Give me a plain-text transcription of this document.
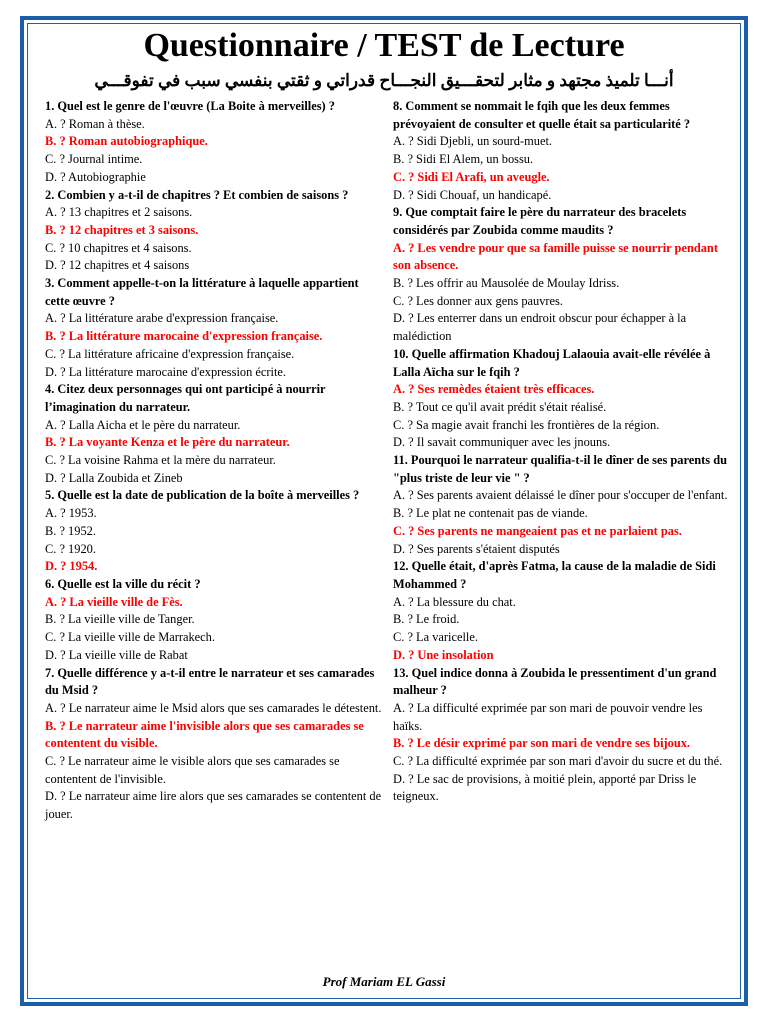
Questionnaire / TEST de Lecture
أنـــا تلميذ مجتهد و مثابر لتحقـــيق النجـــاح قدراتي و ثقتي بنفسي سبب في تفوقـــي
1. Quel est le genre de l'œuvre (La Boite à merveilles) ?
A. ? Roman à thèse.
B. ? Roman autobiographique.
C. ? Journal intime.
D. ? Autobiographie
2. Combien y a-t-il de chapitres ? Et combien de saisons ?
A. ? 13 chapitres et 2 saisons.
B. ? 12 chapitres et 3 saisons.
C. ? 10 chapitres et 4 saisons.
D. ? 12 chapitres et 4 saisons
3. Comment appelle-t-on la littérature à laquelle appartient cette œuvre ?
A. ? La littérature arabe d'expression française.
B. ? La littérature marocaine d'expression française.
C. ? La littérature africaine d'expression française.
D. ? La littérature marocaine d'expression écrite.
4. Citez deux personnages qui ont participé à nourrir l’imagination du narrateur.
A. ? Lalla Aicha et le père du narrateur.
B. ? La voyante Kenza et le père du narrateur.
C. ? La voisine Rahma et la mère du narrateur.
D. ? Lalla Zoubida et Zineb
5. Quelle est la date de publication de la boîte à merveilles ?
A. ? 1953.
B. ? 1952.
C. ? 1920.
D. ? 1954.
6. Quelle est la ville du récit ?
A. ? La vieille ville de Fès.
B. ? La vieille ville de Tanger.
C. ? La vieille ville de Marrakech.
D. ? La vieille ville de Rabat
7. Quelle différence y a-t-il entre le narrateur et ses camarades du Msid ?
A. ? Le narrateur aime le Msid alors que ses camarades le détestent.
B. ? Le narrateur aime l'invisible alors que ses camarades se contentent du visible.
C. ? Le narrateur aime le visible alors que ses camarades se contentent de l'invisible.
D. ? Le narrateur aime lire alors que ses camarades se contentent de jouer.
8. Comment se nommait le fqih que les deux femmes prévoyaient de consulter et quelle était sa particularité ?
A. ? Sidi Djebli, un sourd-muet.
B. ? Sidi El Alem, un bossu.
C. ? Sidi El Arafi, un aveugle.
D. ? Sidi Chouaf, un handicapé.
9. Que comptait faire le père du narrateur des bracelets considérés par Zoubida comme maudits ?
A. ? Les vendre pour que sa famille puisse se nourrir pendant son absence.
B. ? Les offrir au Mausolée de Moulay Idriss.
C. ? Les donner aux gens pauvres.
D. ? Les enterrer dans un endroit obscur pour échapper à la malédiction
10. Quelle affirmation Khadouj Lalaouia avait-elle révélée à Lalla Aïcha sur le fqih ?
A. ? Ses remèdes étaient très efficaces.
B. ? Tout ce qu'il avait prédit s'était réalisé.
C. ? Sa magie avait franchi les frontières de la région.
D. ? Il savait communiquer avec les jnouns.
11. Pourquoi le narrateur qualifia-t-il le dîner de ses parents du "plus triste de leur vie " ?
A. ? Ses parents avaient délaissé le dîner pour s'occuper de l'enfant.
B. ? Le plat ne contenait pas de viande.
C. ? Ses parents ne mangeaient pas et ne parlaient pas.
D. ? Ses parents s'étaient disputés
12. Quelle était, d'après Fatma, la cause de la maladie de Sidi Mohammed ?
A. ? La blessure du chat.
B. ? Le froid.
C. ? La varicelle.
D. ? Une insolation
13. Quel indice donna à Zoubida le pressentiment d'un grand malheur ?
A. ? La difficulté exprimée par son mari de pouvoir vendre les haïks.
B. ? Le désir exprimé par son mari de vendre ses bijoux.
C. ? La difficulté exprimée par son mari d'avoir du sucre et du thé.
D. ? Le sac de provisions, à moitié plein, apporté par Driss le teigneux.
Prof Mariam EL Gassi
